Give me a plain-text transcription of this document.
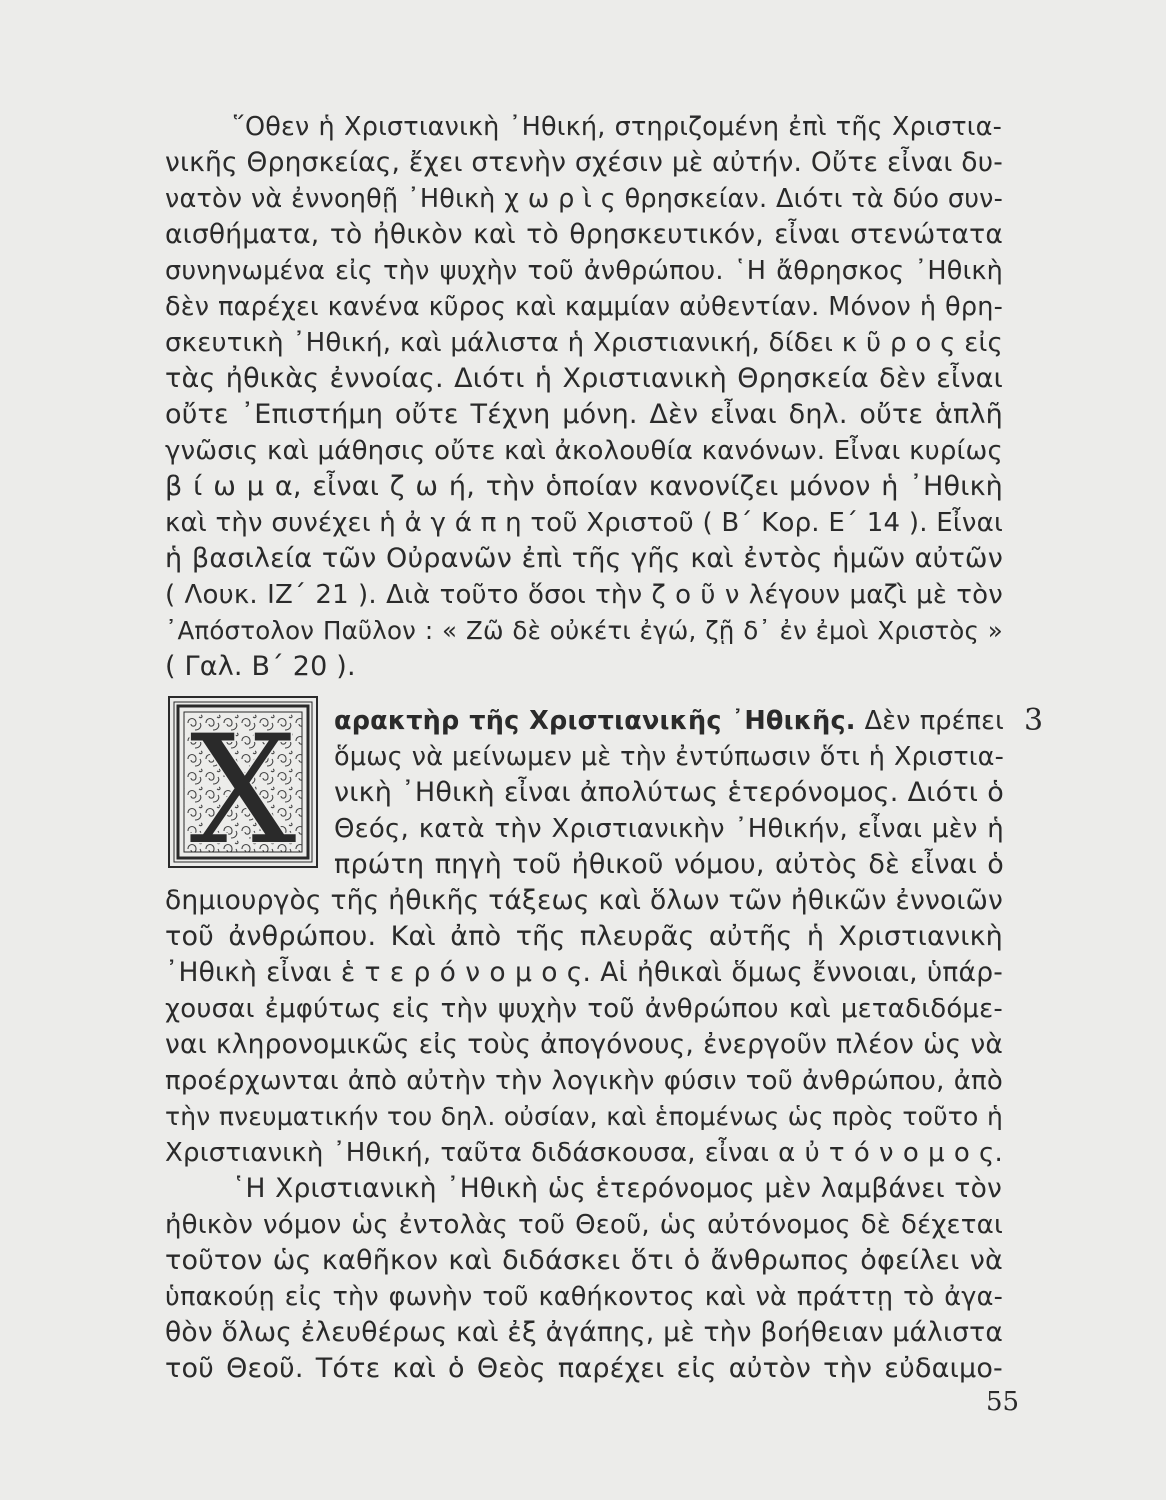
῞Οθεν ἡ Χριστιανικὴ ᾽Ηθική, στηριζομένη ἐπὶ τῆς Χριστια-
νικῆς Θρησκείας, ἔχει στενὴν σχέσιν μὲ αὐτήν. Οὔτε εἶναι δυ-
νατὸν νὰ ἐννοηθῇ ᾽Ηθικὴ χ ω ρ ὶ ς θρησκείαν. Διότι τὰ δύο συν-
αισθήματα, τὸ ἠθικὸν καὶ τὸ θρησκευτικόν, εἶναι στενώτατα
συνηνωμένα εἰς τὴν ψυχὴν τοῦ ἀνθρώπου. ῾Η ἄθρησκος ᾽Ηθικὴ
δὲν παρέχει κανένα κῦρος καὶ καμμίαν αὐθεντίαν. Μόνον ἡ θρη-
σκευτικὴ ᾽Ηθική, καὶ μάλιστα ἡ Χριστιανική, δίδει κ ῦ ρ ο ς εἰς
τὰς ἠθικὰς ἐννοίας. Διότι ἡ Χριστιανικὴ Θρησκεία δὲν εἶναι
οὔτε ᾽Επιστήμη οὔτε Τέχνη μόνη. Δὲν εἶναι δηλ. οὔτε ἁπλῆ
γνῶσις καὶ μάθησις οὔτε καὶ ἀκολουθία κανόνων. Εἶναι κυρίως
β ί ω μ α, εἶναι ζ ω ή, τὴν ὁποίαν κανονίζει μόνον ἡ ᾽Ηθικὴ
καὶ τὴν συνέχει ἡ ἀ γ ά π η τοῦ Χριστοῦ ( Β΄ Κορ. Ε΄ 14 ). Εἶναι
ἡ βασιλεία τῶν Οὐρανῶν ἐπὶ τῆς γῆς καὶ ἐντὸς ἡμῶν αὐτῶν
( Λουκ. ΙΖ΄ 21 ). Διὰ τοῦτο ὅσοι τὴν ζ ο ῦ ν λέγουν μαζὶ μὲ τὸν
᾽Απόστολον Παῦλον : « Ζῶ δὲ οὐκέτι ἐγώ, ζῇ δ᾽ ἐν ἐμοὶ Χριστὸς »
( Γαλ. Β΄ 20 ).
Χ αρακτὴρ τῆς Χριστιανικῆς ᾽Ηθικῆς. Δὲν πρέπει
ὅμως νὰ μείνωμεν μὲ τὴν ἐντύπωσιν ὅτι ἡ Χριστια-
νικὴ ᾽Ηθικὴ εἶναι ἀπολύτως ἑτερόνομος. Διότι ὁ
Θεός, κατὰ τὴν Χριστιανικὴν ᾽Ηθικήν, εἶναι μὲν ἡ
πρώτη πηγὴ τοῦ ἠθικοῦ νόμου, αὐτὸς δὲ εἶναι ὁ
δημιουργὸς τῆς ἠθικῆς τάξεως καὶ ὅλων τῶν ἠθικῶν ἐννοιῶν
τοῦ ἀνθρώπου. Καὶ ἀπὸ τῆς πλευρᾶς αὐτῆς ἡ Χριστιανικὴ
᾽Ηθικὴ εἶναι ἑ τ ε ρ ό ν ο μ ο ς. Αἱ ἠθικαὶ ὅμως ἔννοιαι, ὑπάρ-
χουσαι ἐμφύτως εἰς τὴν ψυχὴν τοῦ ἀνθρώπου καὶ μεταδιδόμε-
ναι κληρονομικῶς εἰς τοὺς ἀπογόνους, ἐνεργοῦν πλέον ὡς νὰ
προέρχωνται ἀπὸ αὐτὴν τὴν λογικὴν φύσιν τοῦ ἀνθρώπου, ἀπὸ
τὴν πνευματικήν του δηλ. οὐσίαν, καὶ ἑπομένως ὡς πρὸς τοῦτο ἡ
Χριστιανικὴ ᾽Ηθική, ταῦτα διδάσκουσα, εἶναι α ὐ τ ό ν ο μ ο ς.
3
῾Η Χριστιανικὴ ᾽Ηθικὴ ὡς ἑτερόνομος μὲν λαμβάνει τὸν
ἠθικὸν νόμον ὡς ἐντολὰς τοῦ Θεοῦ, ὡς αὐτόνομος δὲ δέχεται
τοῦτον ὡς καθῆκον καὶ διδάσκει ὅτι ὁ ἄνθρωπος ὀφείλει νὰ
ὑπακούῃ εἰς τὴν φωνὴν τοῦ καθήκοντος καὶ νὰ πράττῃ τὸ ἀγα-
θὸν ὅλως ἐλευθέρως καὶ ἐξ ἀγάπης, μὲ τὴν βοήθειαν μάλιστα
τοῦ Θεοῦ. Τότε καὶ ὁ Θεὸς παρέχει εἰς αὐτὸν τὴν εὐδαιμο-
55
